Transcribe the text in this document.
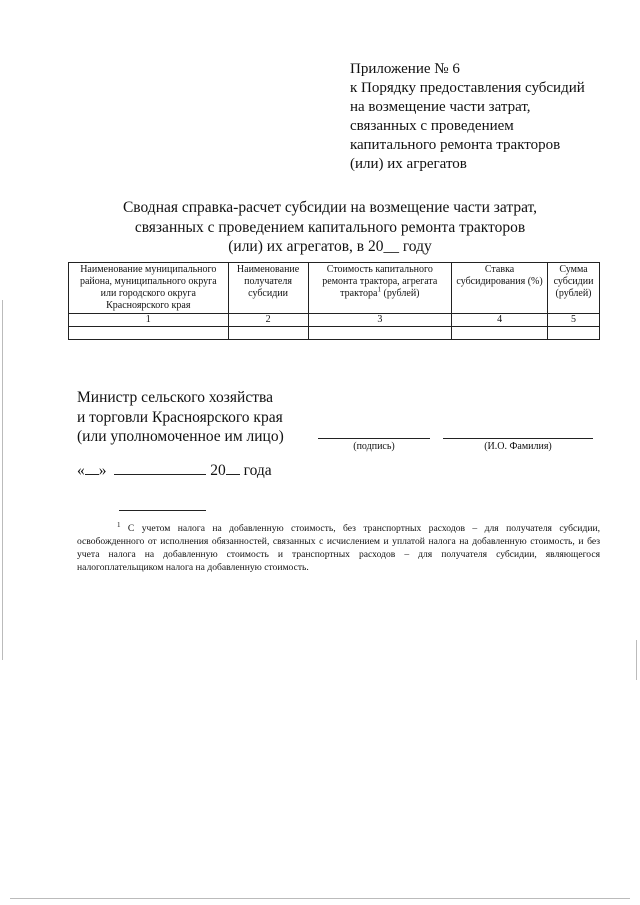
Приложение № 6
к Порядку предоставления субсидий
на возмещение части затрат,
связанных с проведением
капитального ремонта тракторов
(или) их агрегатов
Сводная справка-расчет субсидии на возмещение части затрат,
связанных с проведением капитального ремонта тракторов
(или) их агрегатов, в 20__ году
Наименование муниципального района, муниципального округа или городского округа Красноярского края	Наименование получателя субсидии	Стоимость капитального ремонта трактора, агрегата трактора$^1$ (рублей)	Ставка субсидирования (%)	Сумма субсидии (рублей)
1	2	3	4	5

Министр сельского хозяйства
и торговли Красноярского края
(или уполномоченное им лицо)
(подпись)	(И.О. Фамилия)
« »	20 года
$^1$ С учетом налога на добавленную стоимость, без транспортных расходов – для получателя субсидии, освобожденного от исполнения обязанностей, связанных с исчислением и уплатой налога на добавленную стоимость, и без учета налога на добавленную стоимость и транспортных расходов – для получателя субсидии, являющегося налогоплательщиком налога на добавленную стоимость.
